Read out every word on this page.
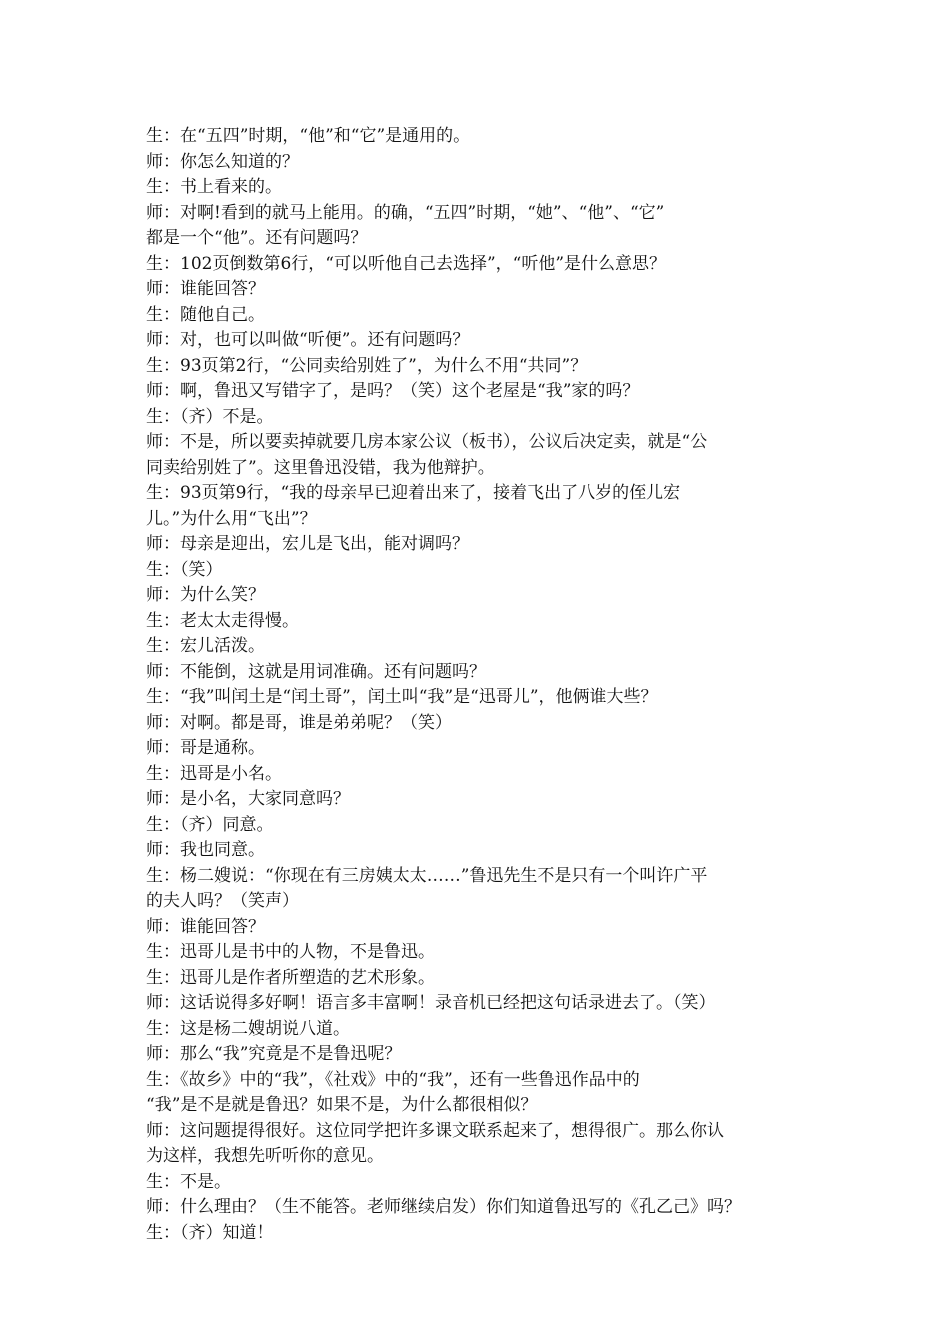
生：在“五四”时期，“他”和“它”是通用的。
师：你怎么知道的？
生：书上看来的。
师：对啊!看到的就马上能用。的确，“五四”时期，“她”、“他”、“它”
都是一个“他”。还有问题吗？
生：102页倒数第6行，“可以听他自己去选择”，“听他”是什么意思？
师：谁能回答？
生：随他自己。
师：对，也可以叫做“听便”。还有问题吗？
生：93页第2行，“公同卖给别姓了”，为什么不用“共同”？
师：啊，鲁迅又写错字了，是吗？（笑）这个老屋是“我”家的吗？
生：（齐）不是。
师：不是，所以要卖掉就要几房本家公议（板书），公议后决定卖，就是“公
同卖给别姓了”。这里鲁迅没错，我为他辩护。
生：93页第9行，“我的母亲早已迎着出来了，接着飞出了八岁的侄儿宏
儿。”为什么用“飞出”？
师：母亲是迎出，宏儿是飞出，能对调吗？
生：（笑）
师：为什么笑？
生：老太太走得慢。
生：宏儿活泼。
师：不能倒，这就是用词准确。还有问题吗？
生：“我”叫闰土是“闰土哥”，闰土叫“我”是“迅哥儿”，他俩谁大些？
师：对啊。都是哥，谁是弟弟呢？（笑）
师：哥是通称。
生：迅哥是小名。
师：是小名，大家同意吗？
生：（齐）同意。
师：我也同意。
生：杨二嫂说：“你现在有三房姨太太……”鲁迅先生不是只有一个叫许广平
的夫人吗？（笑声）
师：谁能回答？
生：迅哥儿是书中的人物，不是鲁迅。
生：迅哥儿是作者所塑造的艺术形象。
师：这话说得多好啊！语言多丰富啊！录音机已经把这句话录进去了。（笑）
生：这是杨二嫂胡说八道。
师：那么“我”究竟是不是鲁迅呢？
生：《故乡》中的“我”，《社戏》中的“我”，还有一些鲁迅作品中的
“我”是不是就是鲁迅？如果不是，为什么都很相似？
师：这问题提得很好。这位同学把许多课文联系起来了，想得很广。那么你认
为这样，我想先听听你的意见。
生：不是。
师：什么理由？（生不能答。老师继续启发）你们知道鲁迅写的《孔乙己》吗？
生：（齐）知道！
